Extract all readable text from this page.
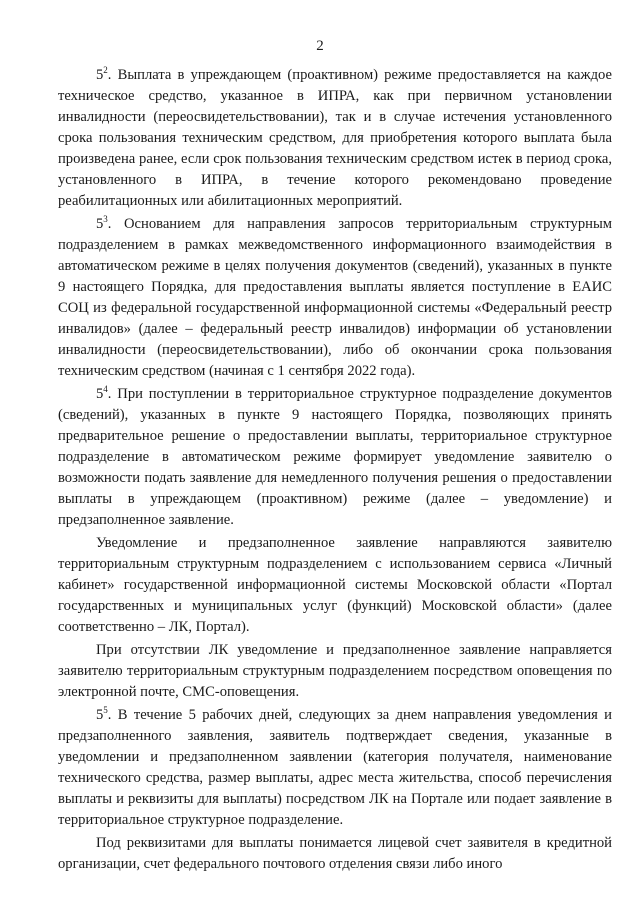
2

$5^2$. Выплата в упреждающем (проактивном) режиме предоставляется на каждое техническое средство, указанное в ИПРА, как при первичном установлении инвалидности (переосвидетельствовании), так и в случае истечения установленного срока пользования техническим средством, для приобретения которого выплата была произведена ранее, если срок пользования техническим средством истек в период срока, установленного в ИПРА, в течение которого рекомендовано проведение реабилитационных или абилитационных мероприятий.

$5^3$. Основанием для направления запросов территориальным структурным подразделением в рамках межведомственного информационного взаимодействия в автоматическом режиме в целях получения документов (сведений), указанных в пункте 9 настоящего Порядка, для предоставления выплаты является поступление в ЕАИС СОЦ из федеральной государственной информационной системы «Федеральный реестр инвалидов» (далее – федеральный реестр инвалидов) информации об установлении инвалидности (переосвидетельствовании), либо об окончании срока пользования техническим средством (начиная с 1 сентября 2022 года).

$5^4$. При поступлении в территориальное структурное подразделение документов (сведений), указанных в пункте 9 настоящего Порядка, позволяющих принять предварительное решение о предоставлении выплаты, территориальное структурное подразделение в автоматическом режиме формирует уведомление заявителю о возможности подать заявление для немедленного получения решения о предоставлении выплаты в упреждающем (проактивном) режиме (далее – уведомление) и предзаполненное заявление.

Уведомление и предзаполненное заявление направляются заявителю территориальным структурным подразделением с использованием сервиса «Личный кабинет» государственной информационной системы Московской области «Портал государственных и муниципальных услуг (функций) Московской области» (далее соответственно – ЛК, Портал).

При отсутствии ЛК уведомление и предзаполненное заявление направляется заявителю территориальным структурным подразделением посредством оповещения по электронной почте, СМС-оповещения.

$5^5$. В течение 5 рабочих дней, следующих за днем направления уведомления и предзаполненного заявления, заявитель подтверждает сведения, указанные в уведомлении и предзаполненном заявлении (категория получателя, наименование технического средства, размер выплаты, адрес места жительства, способ перечисления выплаты и реквизиты для выплаты) посредством ЛК на Портале или подает заявление в территориальное структурное подразделение.

Под реквизитами для выплаты понимается лицевой счет заявителя в кредитной организации, счет федерального почтового отделения связи либо иного
